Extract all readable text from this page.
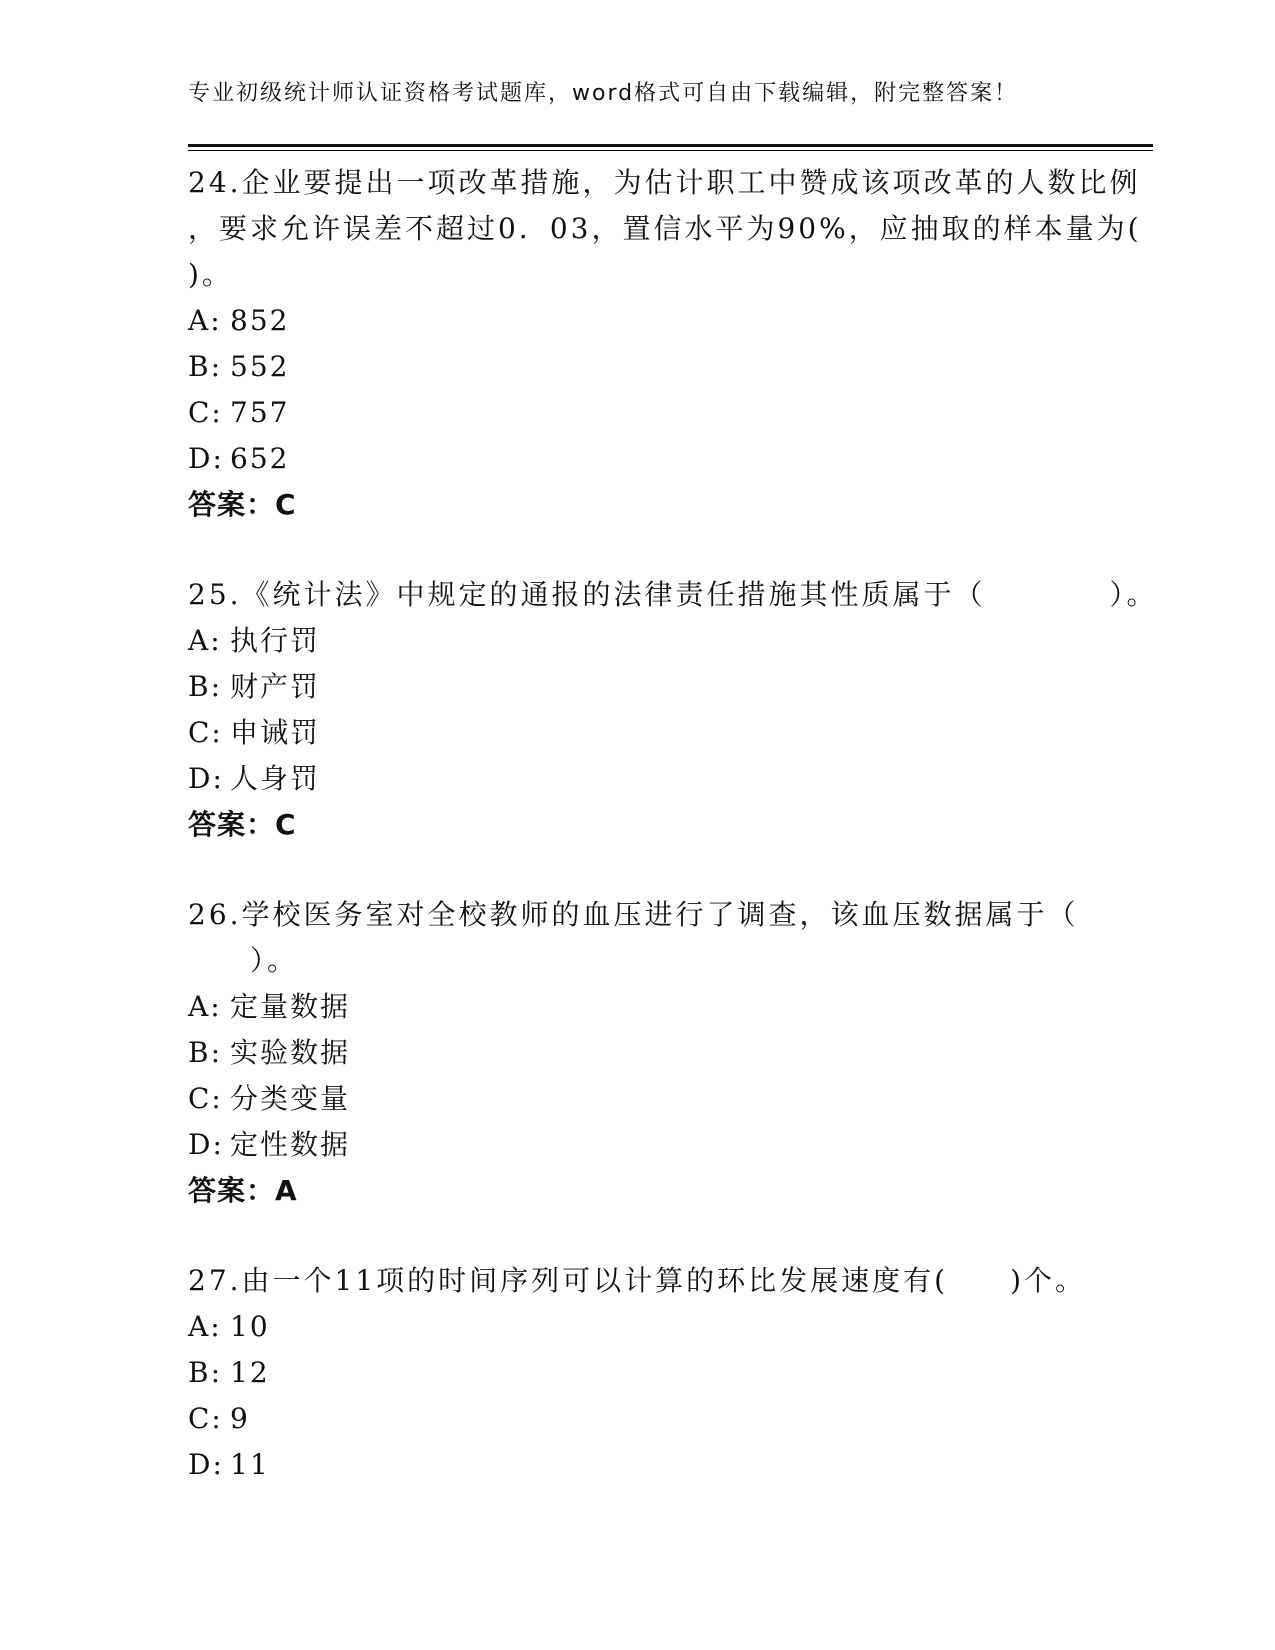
专业初级统计师认证资格考试题库，word格式可自由下载编辑，附完整答案！
24.企业要提出一项改革措施，为估计职工中赞成该项改革的人数比例
，要求允许误差不超过0．03，置信水平为90%，应抽取的样本量为(
)。
A: 852
B: 552
C: 757
D: 652
答案：C
25.《统计法》中规定的通报的法律责任措施其性质属于（　　　　）。
A: 执行罚
B: 财产罚
C: 申诫罚
D: 人身罚
答案：C
26.学校医务室对全校教师的血压进行了调查，该血压数据属于（
　　）。
A: 定量数据
B: 实验数据
C: 分类变量
D: 定性数据
答案：A
27.由一个11项的时间序列可以计算的环比发展速度有(　　)个。
A: 10
B: 12
C: 9
D: 11
